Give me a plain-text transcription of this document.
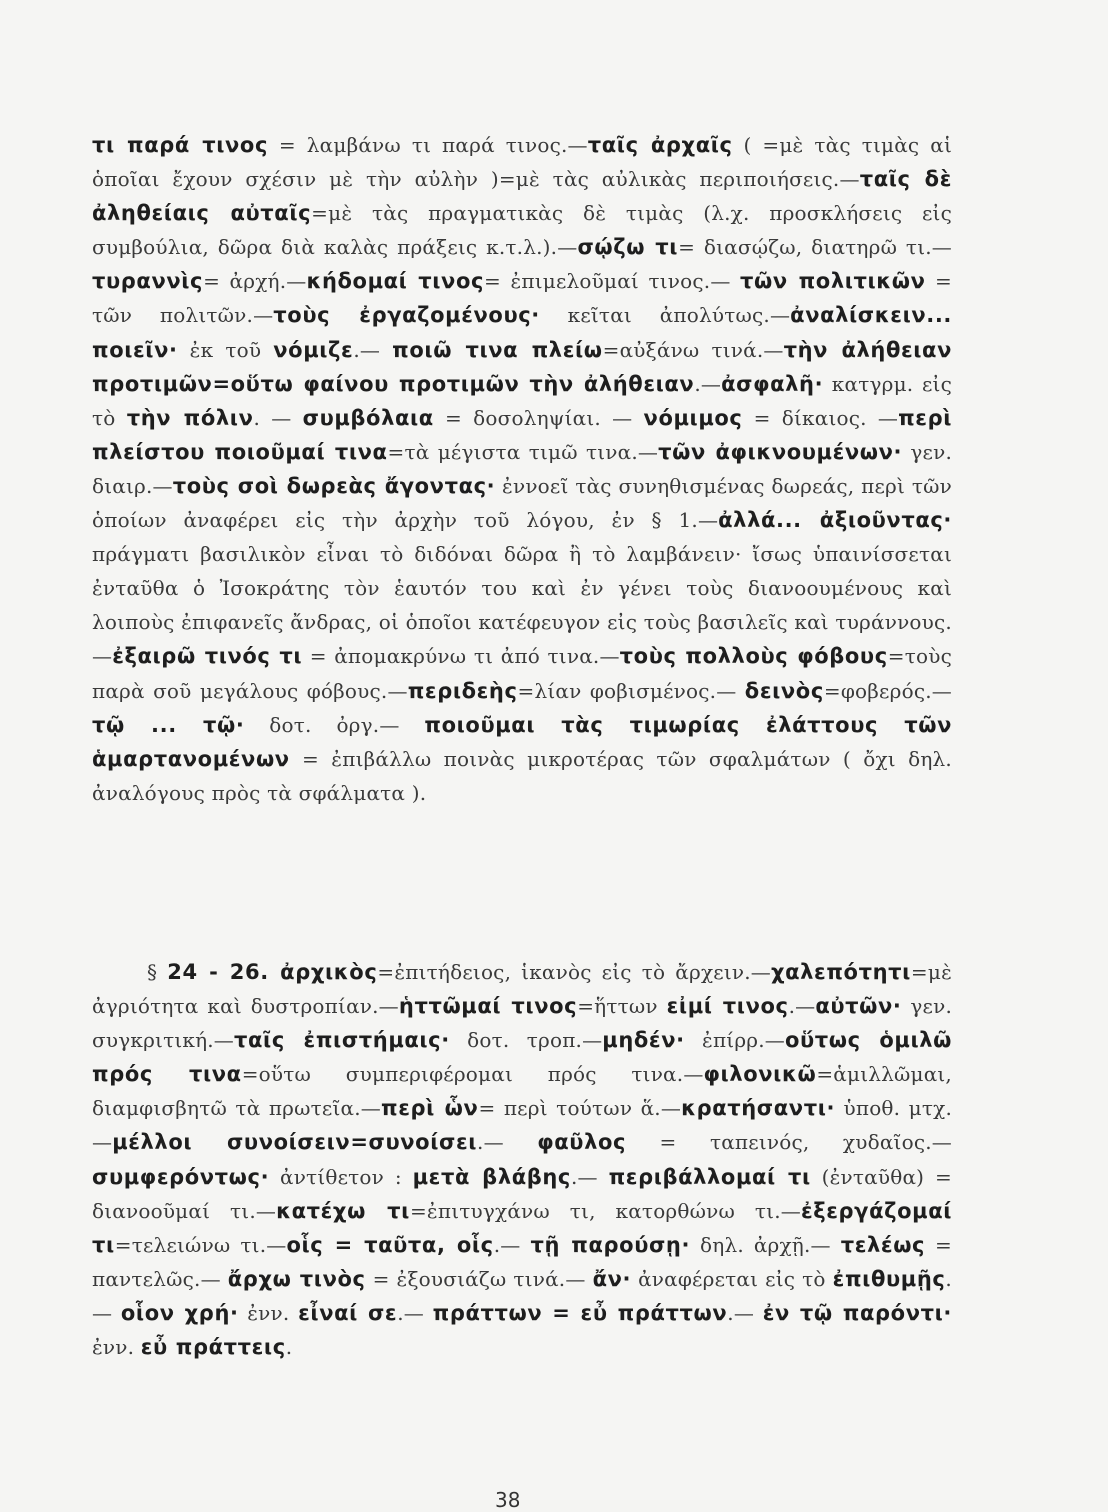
τι παρά τινος = λαμβάνω τι παρά τινος.—ταῖς ἀρχαῖς ( =μὲ τὰς τιμὰς αἱ ὁποῖαι ἔχουν σχέσιν μὲ τὴν αὐλὴν )=μὲ τὰς αὐλικὰς περιποιήσεις.—ταῖς δὲ ἀληθείαις αὐταῖς=μὲ τὰς πραγματικὰς δὲ τιμὰς (λ.χ. προσκλήσεις εἰς συμβούλια, δῶρα διὰ καλὰς πράξεις κ.τ.λ.).—σῴζω τι= διασῴζω, διατηρῶ τι.—τυραννὶς= ἀρχή.—κήδομαί τινος= ἐπιμελοῦμαί τινος.— τῶν πολιτικῶν = τῶν πολιτῶν.—τοὺς ἐργαζομένους· κεῖται ἀπολύτως.—ἀναλίσκειν... ποιεῖν· ἐκ τοῦ νόμιζε.— ποιῶ τινα πλείω=αὐξάνω τινά.—τὴν ἀλήθειαν προτιμῶν=οὕτω φαίνου προτιμῶν τὴν ἀλήθειαν.—ἀσφαλῆ· κατγρμ. εἰς τὸ τὴν πόλιν. — συμβόλαια = δοσοληψίαι. — νόμιμος = δίκαιος. —περὶ πλείστου ποιοῦμαί τινα=τὰ μέγιστα τιμῶ τινα.—τῶν ἀφικνουμένων· γεν. διαιρ.—τοὺς σοὶ δωρεὰς ἄγοντας· ἐννοεῖ τὰς συνηθισμένας δωρεάς, περὶ τῶν ὁποίων ἀναφέρει εἰς τὴν ἀρχὴν τοῦ λόγου, ἐν § 1.—ἀλλά... ἀξιοῦντας· πράγματι βασιλικὸν εἶναι τὸ διδόναι δῶρα ἢ τὸ λαμβάνειν· ἴσως ὑπαινίσσεται ἐνταῦθα ὁ Ἰσοκράτης τὸν ἑαυτόν του καὶ ἐν γένει τοὺς διανοουμένους καὶ λοιποὺς ἐπιφανεῖς ἄνδρας, οἱ ὁποῖοι κατέφευγον εἰς τοὺς βασιλεῖς καὶ τυράννους.—ἐξαιρῶ τινός τι = ἀπομακρύνω τι ἀπό τινα.—τοὺς πολλοὺς φόβους=τοὺς παρὰ σοῦ μεγάλους φόβους.—περιδεὴς=λίαν φοβισμένος.— δεινὸς=φοβερός.—τῷ ... τῷ· δοτ. ὀργ.— ποιοῦμαι τὰς τιμωρίας ἐλάττους τῶν ἁμαρτανομένων = ἐπιβάλλω ποινὰς μικροτέρας τῶν σφαλμάτων ( ὄχι δηλ. ἀναλόγους πρὸς τὰ σφάλματα ).

§ 24 - 26. ἀρχικὸς=ἐπιτήδειος, ἱκανὸς εἰς τὸ ἄρχειν.—χαλεπότητι=μὲ ἀγριότητα καὶ δυστροπίαν.—ἡττῶμαί τινος=ἥττων εἰμί τινος.—αὐτῶν· γεν. συγκριτική.—ταῖς ἐπιστήμαις· δοτ. τροπ.—μηδέν· ἐπίρρ.—οὕτως ὁμιλῶ πρός τινα=οὕτω συμπεριφέρομαι πρός τινα.—φιλονικῶ=ἁμιλλῶμαι, διαμφισβητῶ τὰ πρωτεῖα.—περὶ ὧν= περὶ τούτων ἅ.—κρατήσαντι· ὑποθ. μτχ.—μέλλοι συνοίσειν=συνοίσει.— φαῦλος = ταπεινός, χυδαῖος.— συμφερόντως· ἀντίθετον : μετὰ βλάβης.— περιβάλλομαί τι (ἐνταῦθα) = διανοοῦμαί τι.—κατέχω τι=ἐπιτυγχάνω τι, κατορθώνω τι.—ἐξεργάζομαί τι=τελειώνω τι.—οἷς = ταῦτα, οἷς.— τῇ παρούσῃ· δηλ. ἀρχῇ.— τελέως = παντελῶς.— ἄρχω τινὸς = ἐξουσιάζω τινά.— ἄν· ἀναφέρεται εἰς τὸ ἐπιθυμῇς.— οἷον χρή· ἐνν. εἶναί σε.— πράττων = εὖ πράττων.— ἐν τῷ παρόντι· ἐνν. εὖ πράττεις.

38
